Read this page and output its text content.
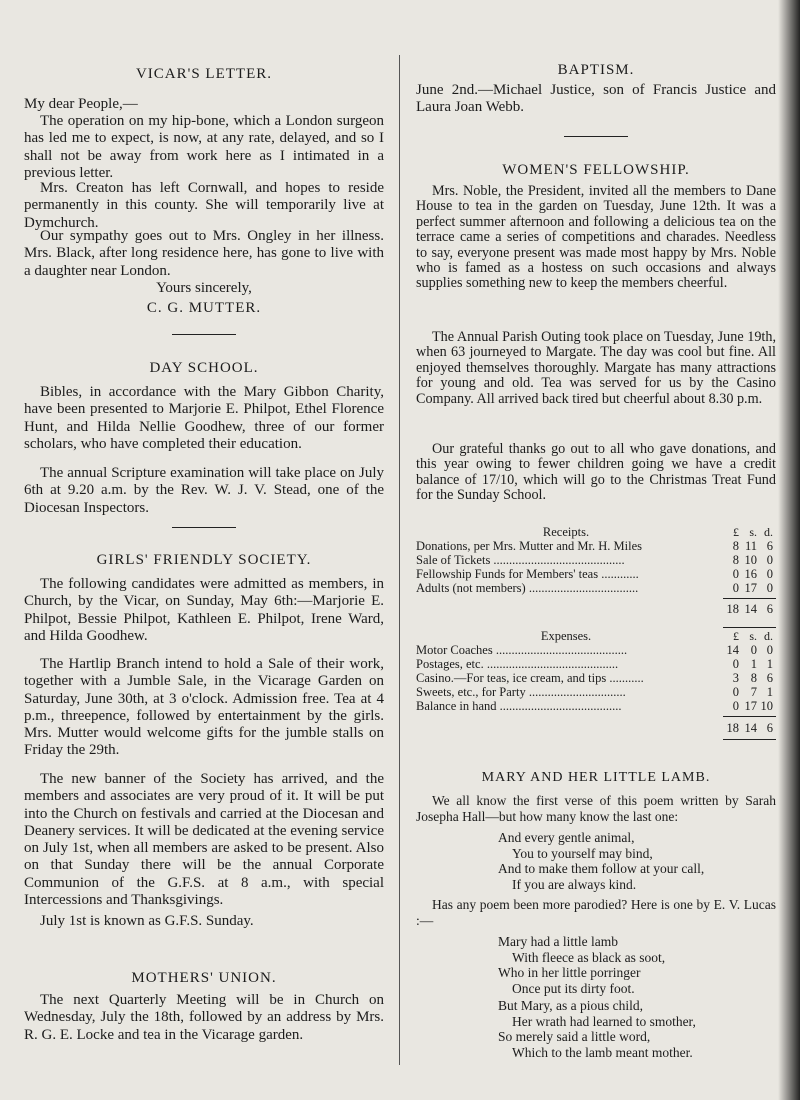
VICAR'S LETTER.

My dear People,—

The operation on my hip-bone, which a London surgeon has led me to expect, is now, at any rate, delayed, and so I shall not be away from work here as I intimated in a previous letter.

Mrs. Creaton has left Cornwall, and hopes to reside permanently in this county. She will temporarily live at Dymchurch.

Our sympathy goes out to Mrs. Ongley in her illness. Mrs. Black, after long residence here, has gone to live with a daughter near London.

Yours sincerely,

C. G. MUTTER.

DAY SCHOOL.

Bibles, in accordance with the Mary Gibbon Charity, have been presented to Marjorie E. Philpot, Ethel Florence Hunt, and Hilda Nellie Goodhew, three of our former scholars, who have completed their education.

The annual Scripture examination will take place on July 6th at 9.20 a.m. by the Rev. W. J. V. Stead, one of the Diocesan Inspectors.

GIRLS' FRIENDLY SOCIETY.

The following candidates were admitted as members, in Church, by the Vicar, on Sunday, May 6th:—Marjorie E. Philpot, Bessie Philpot, Kathleen E. Philpot, Irene Ward, and Hilda Goodhew.

The Hartlip Branch intend to hold a Sale of their work, together with a Jumble Sale, in the Vicarage Garden on Saturday, June 30th, at 3 o'clock. Admission free. Tea at 4 p.m., threepence, followed by entertainment by the girls. Mrs. Mutter would welcome gifts for the jumble stalls on Friday the 29th.

The new banner of the Society has arrived, and the members and associates are very proud of it. It will be put into the Church on festivals and carried at the Diocesan and Deanery services. It will be dedicated at the evening service on July 1st, when all members are asked to be present. Also on that Sunday there will be the annual Corporate Communion of the G.F.S. at 8 a.m., with special Intercessions and Thanksgivings.

July 1st is known as G.F.S. Sunday.

MOTHERS' UNION.

The next Quarterly Meeting will be in Church on Wednesday, July the 18th, followed by an address by Mrs. R. G. E. Locke and tea in the Vicarage garden.

BAPTISM.

June 2nd.—Michael Justice, son of Francis Justice and Laura Joan Webb.

WOMEN'S FELLOWSHIP.

Mrs. Noble, the President, invited all the members to Dane House to tea in the garden on Tuesday, June 12th. It was a perfect summer afternoon and following a delicious tea on the terrace came a series of competitions and charades. Needless to say, everyone present was made most happy by Mrs. Noble who is famed as a hostess on such occasions and always supplies something new to keep the members cheerful.

The Annual Parish Outing took place on Tuesday, June 19th, when 63 journeyed to Margate. The day was cool but fine. All enjoyed themselves thoroughly. Margate has many attractions for young and old. Tea was served for us by the Casino Company. All arrived back tired but cheerful about 8.30 p.m.

Our grateful thanks go out to all who gave donations, and this year owing to fewer children going we have a credit balance of 17/10, which will go to the Christmas Treat Fund for the Sunday School.

Receipts.	£ s. d.
Donations, per Mrs. Mutter and Mr. H. Miles	8 11 6
Sale of Tickets ..........................................	8 10 0
Fellowship Funds for Members' teas ............	0 16 0
Adults (not members) ...................................	0 17 0
18 14 6
Expenses.	£ s. d.
Motor Coaches ..........................................	14 0 0
Postages, etc. ..........................................	0 1 1
Casino.—For teas, ice cream, and tips ...........	3 8 6
Sweets, etc., for Party ...............................	0 7 1
Balance in hand .......................................	0 17 10
18 14 6
MARY AND HER LITTLE LAMB.

We all know the first verse of this poem written by Sarah Josepha Hall—but how many know the last one:

And every gentle animal,
You to yourself may bind,
And to make them follow at your call,
If you are always kind.

Has any poem been more parodied? Here is one by E. V. Lucas :—

Mary had a little lamb
With fleece as black as soot,
Who in her little porringer
Once put its dirty foot.
But Mary, as a pious child,
Her wrath had learned to smother,
So merely said a little word,
Which to the lamb meant mother.
